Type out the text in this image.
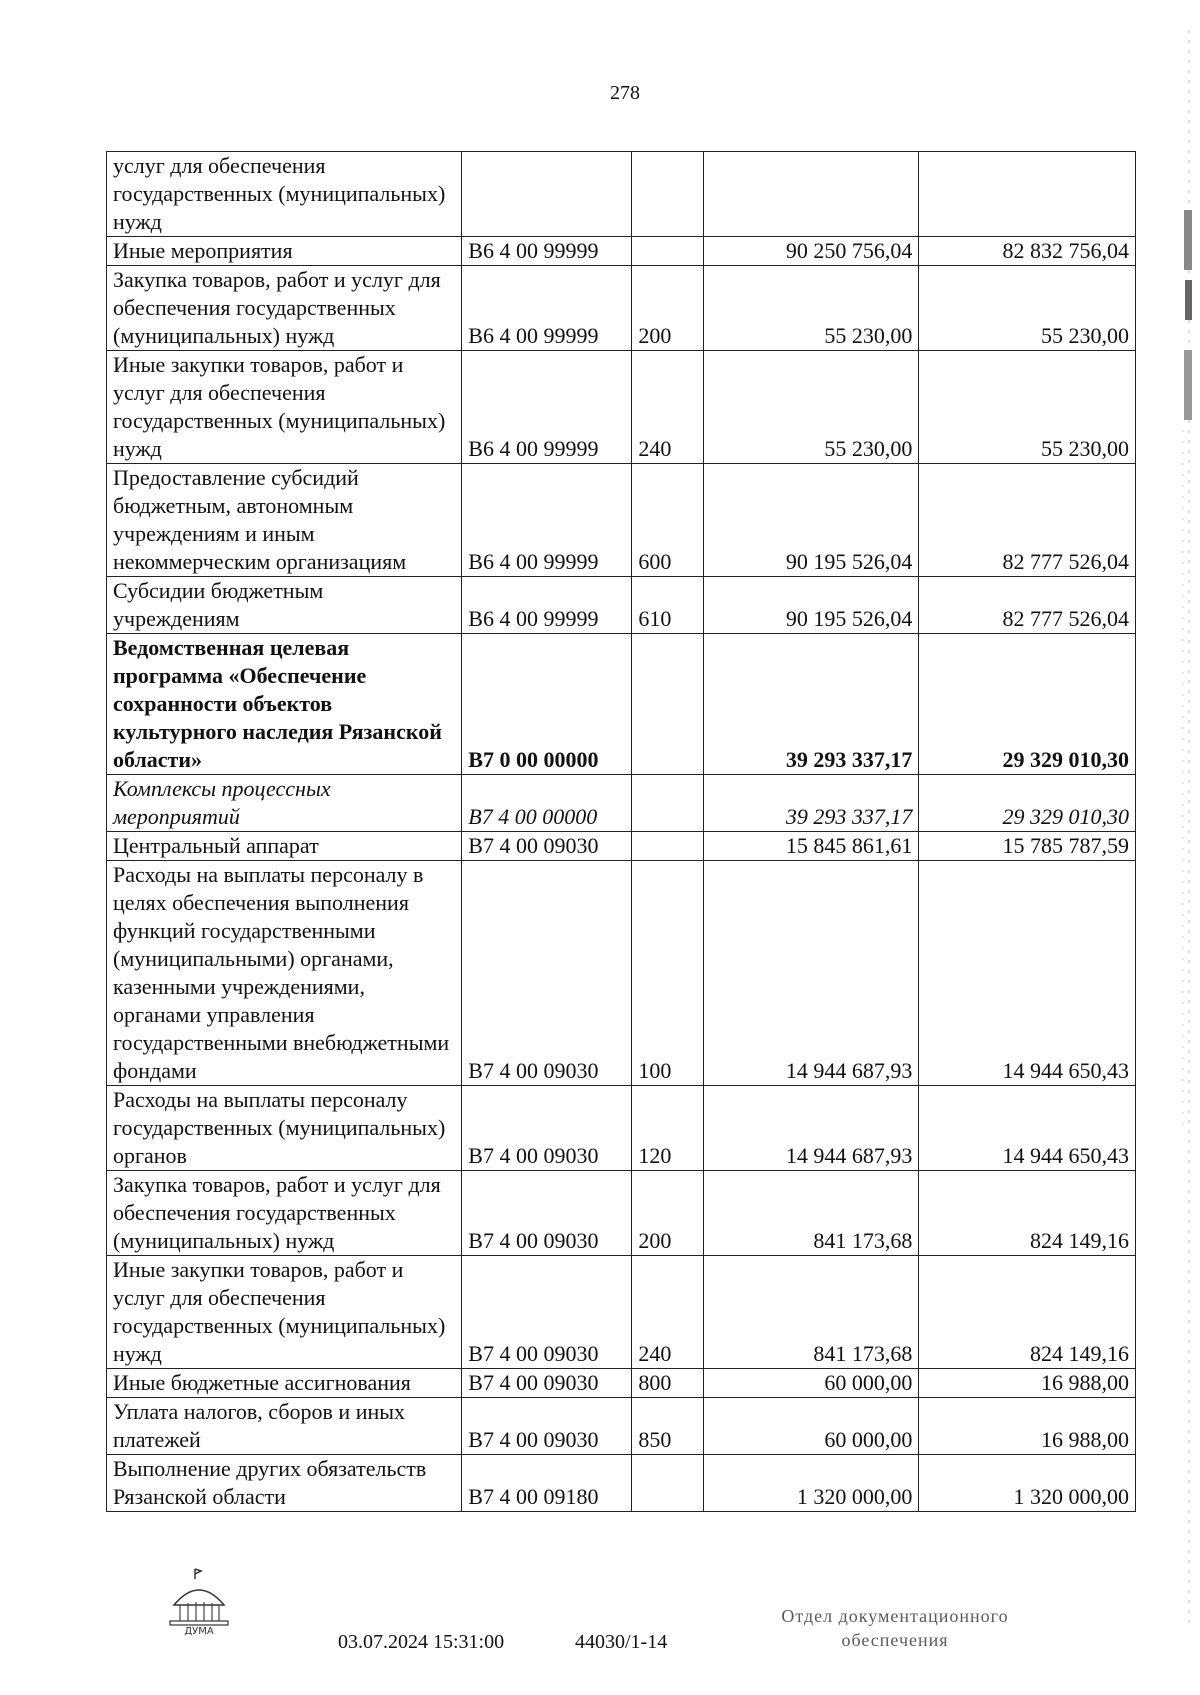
278
услуг для обеспечения государственных (муниципальных) нужд				
Иные мероприятия	В6 4 00 99999		90 250 756,04	82 832 756,04
Закупка товаров, работ и услуг для обеспечения государственных (муниципальных) нужд	В6 4 00 99999	200	55 230,00	55 230,00
Иные закупки товаров, работ и услуг для обеспечения государственных (муниципальных) нужд	В6 4 00 99999	240	55 230,00	55 230,00
Предоставление субсидий бюджетным, автономным учреждениям и иным некоммерческим организациям	В6 4 00 99999	600	90 195 526,04	82 777 526,04
Субсидии бюджетным учреждениям	В6 4 00 99999	610	90 195 526,04	82 777 526,04
Ведомственная целевая программа «Обеспечение сохранности объектов культурного наследия Рязанской области»	В7 0 00 00000		39 293 337,17	29 329 010,30
Комплексы процессных мероприятий	В7 4 00 00000		39 293 337,17	29 329 010,30
Центральный аппарат	В7 4 00 09030		15 845 861,61	15 785 787,59
Расходы на выплаты персоналу в целях обеспечения выполнения функций государственными (муниципальными) органами, казенными учреждениями, органами управления государственными внебюджетными фондами	В7 4 00 09030	100	14 944 687,93	14 944 650,43
Расходы на выплаты персоналу государственных (муниципальных) органов	В7 4 00 09030	120	14 944 687,93	14 944 650,43
Закупка товаров, работ и услуг для обеспечения государственных (муниципальных) нужд	В7 4 00 09030	200	841 173,68	824 149,16
Иные закупки товаров, работ и услуг для обеспечения государственных (муниципальных) нужд	В7 4 00 09030	240	841 173,68	824 149,16
Иные бюджетные ассигнования	В7 4 00 09030	800	60 000,00	16 988,00
Уплата налогов, сборов и иных платежей	В7 4 00 09030	850	60 000,00	16 988,00
Выполнение других обязательств Рязанской области	В7 4 00 09180		1 320 000,00	1 320 000,00
ДУМА	03.07.2024 15:31:00	44030/1-14
Отдел документационного
обеспечения
